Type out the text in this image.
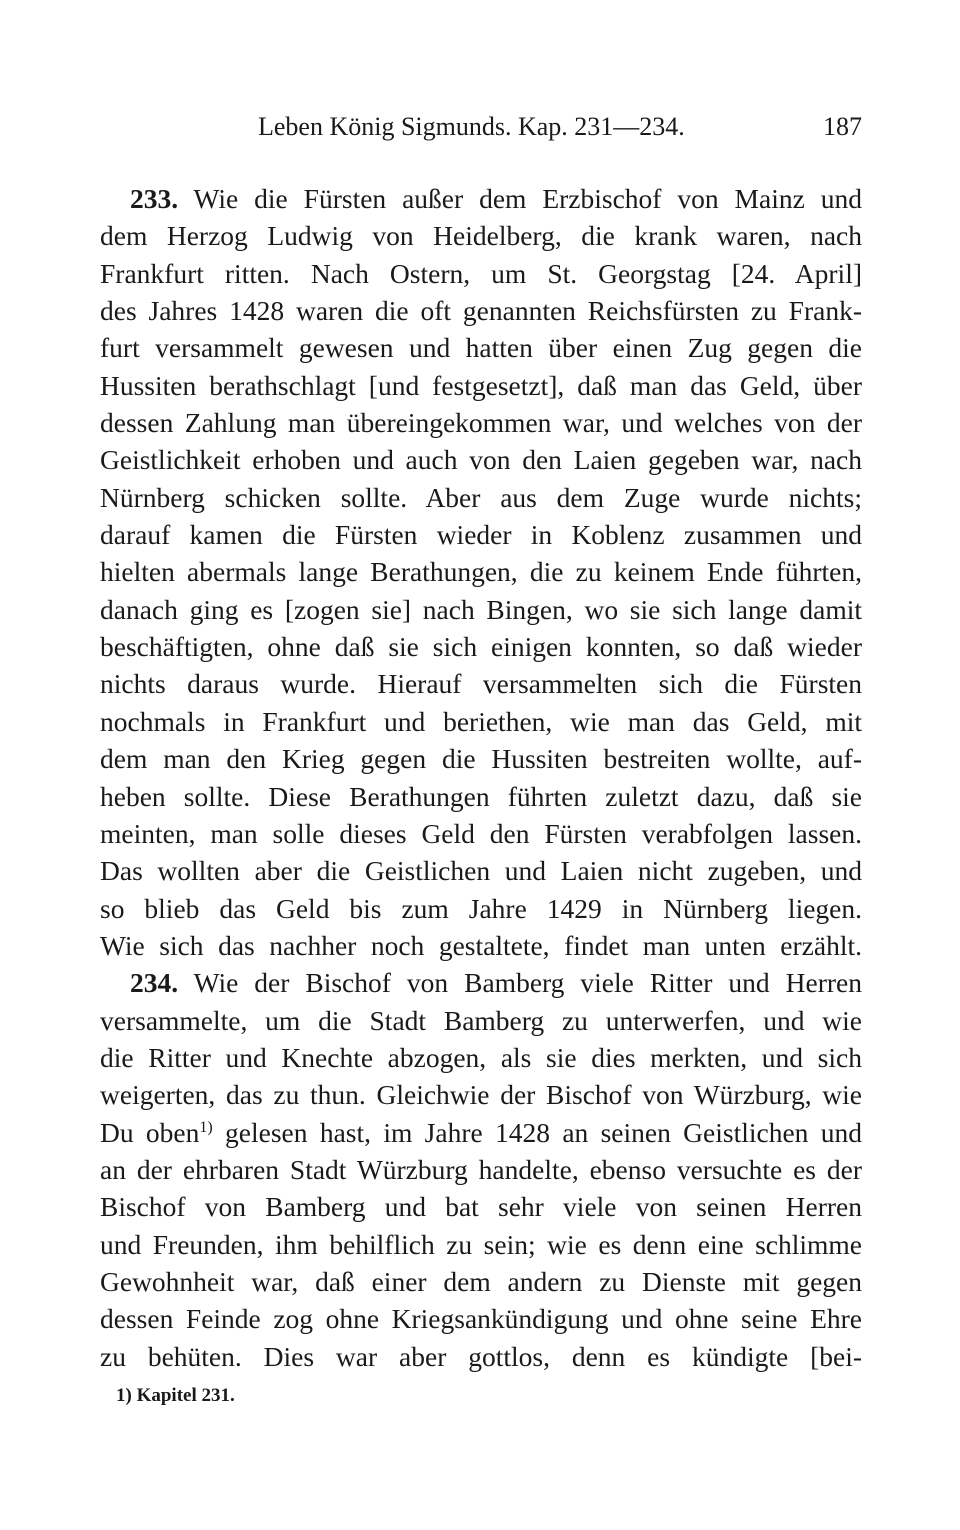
Leben König Sigmunds. Kap. 231—234.	187
233. Wie die Fürsten außer dem Erzbischof von Mainz und
dem Herzog Ludwig von Heidelberg, die krank waren, nach
Frankfurt ritten. Nach Ostern, um St. Georgstag [24. April]
des Jahres 1428 waren die oft genannten Reichsfürsten zu Frank-
furt versammelt gewesen und hatten über einen Zug gegen die
Hussiten berathschlagt [und festgesetzt], daß man das Geld, über
dessen Zahlung man übereingekommen war, und welches von der
Geistlichkeit erhoben und auch von den Laien gegeben war, nach
Nürnberg schicken sollte. Aber aus dem Zuge wurde nichts;
darauf kamen die Fürsten wieder in Koblenz zusammen und
hielten abermals lange Berathungen, die zu keinem Ende führten,
danach ging es [zogen sie] nach Bingen, wo sie sich lange damit
beschäftigten, ohne daß sie sich einigen konnten, so daß wieder
nichts daraus wurde. Hierauf versammelten sich die Fürsten
nochmals in Frankfurt und beriethen, wie man das Geld, mit
dem man den Krieg gegen die Hussiten bestreiten wollte, auf-
heben sollte. Diese Berathungen führten zuletzt dazu, daß sie
meinten, man solle dieses Geld den Fürsten verabfolgen lassen.
Das wollten aber die Geistlichen und Laien nicht zugeben, und
so blieb das Geld bis zum Jahre 1429 in Nürnberg liegen.
Wie sich das nachher noch gestaltete, findet man unten erzählt.
234. Wie der Bischof von Bamberg viele Ritter und Herren
versammelte, um die Stadt Bamberg zu unterwerfen, und wie
die Ritter und Knechte abzogen, als sie dies merkten, und sich
weigerten, das zu thun. Gleichwie der Bischof von Würzburg, wie
Du oben$^{1)}$ gelesen hast, im Jahre 1428 an seinen Geistlichen und
an der ehrbaren Stadt Würzburg handelte, ebenso versuchte es der
Bischof von Bamberg und bat sehr viele von seinen Herren
und Freunden, ihm behilflich zu sein; wie es denn eine schlimme
Gewohnheit war, daß einer dem andern zu Dienste mit gegen
dessen Feinde zog ohne Kriegsankündigung und ohne seine Ehre
zu behüten. Dies war aber gottlos, denn es kündigte [bei-
1) Kapitel 231.
